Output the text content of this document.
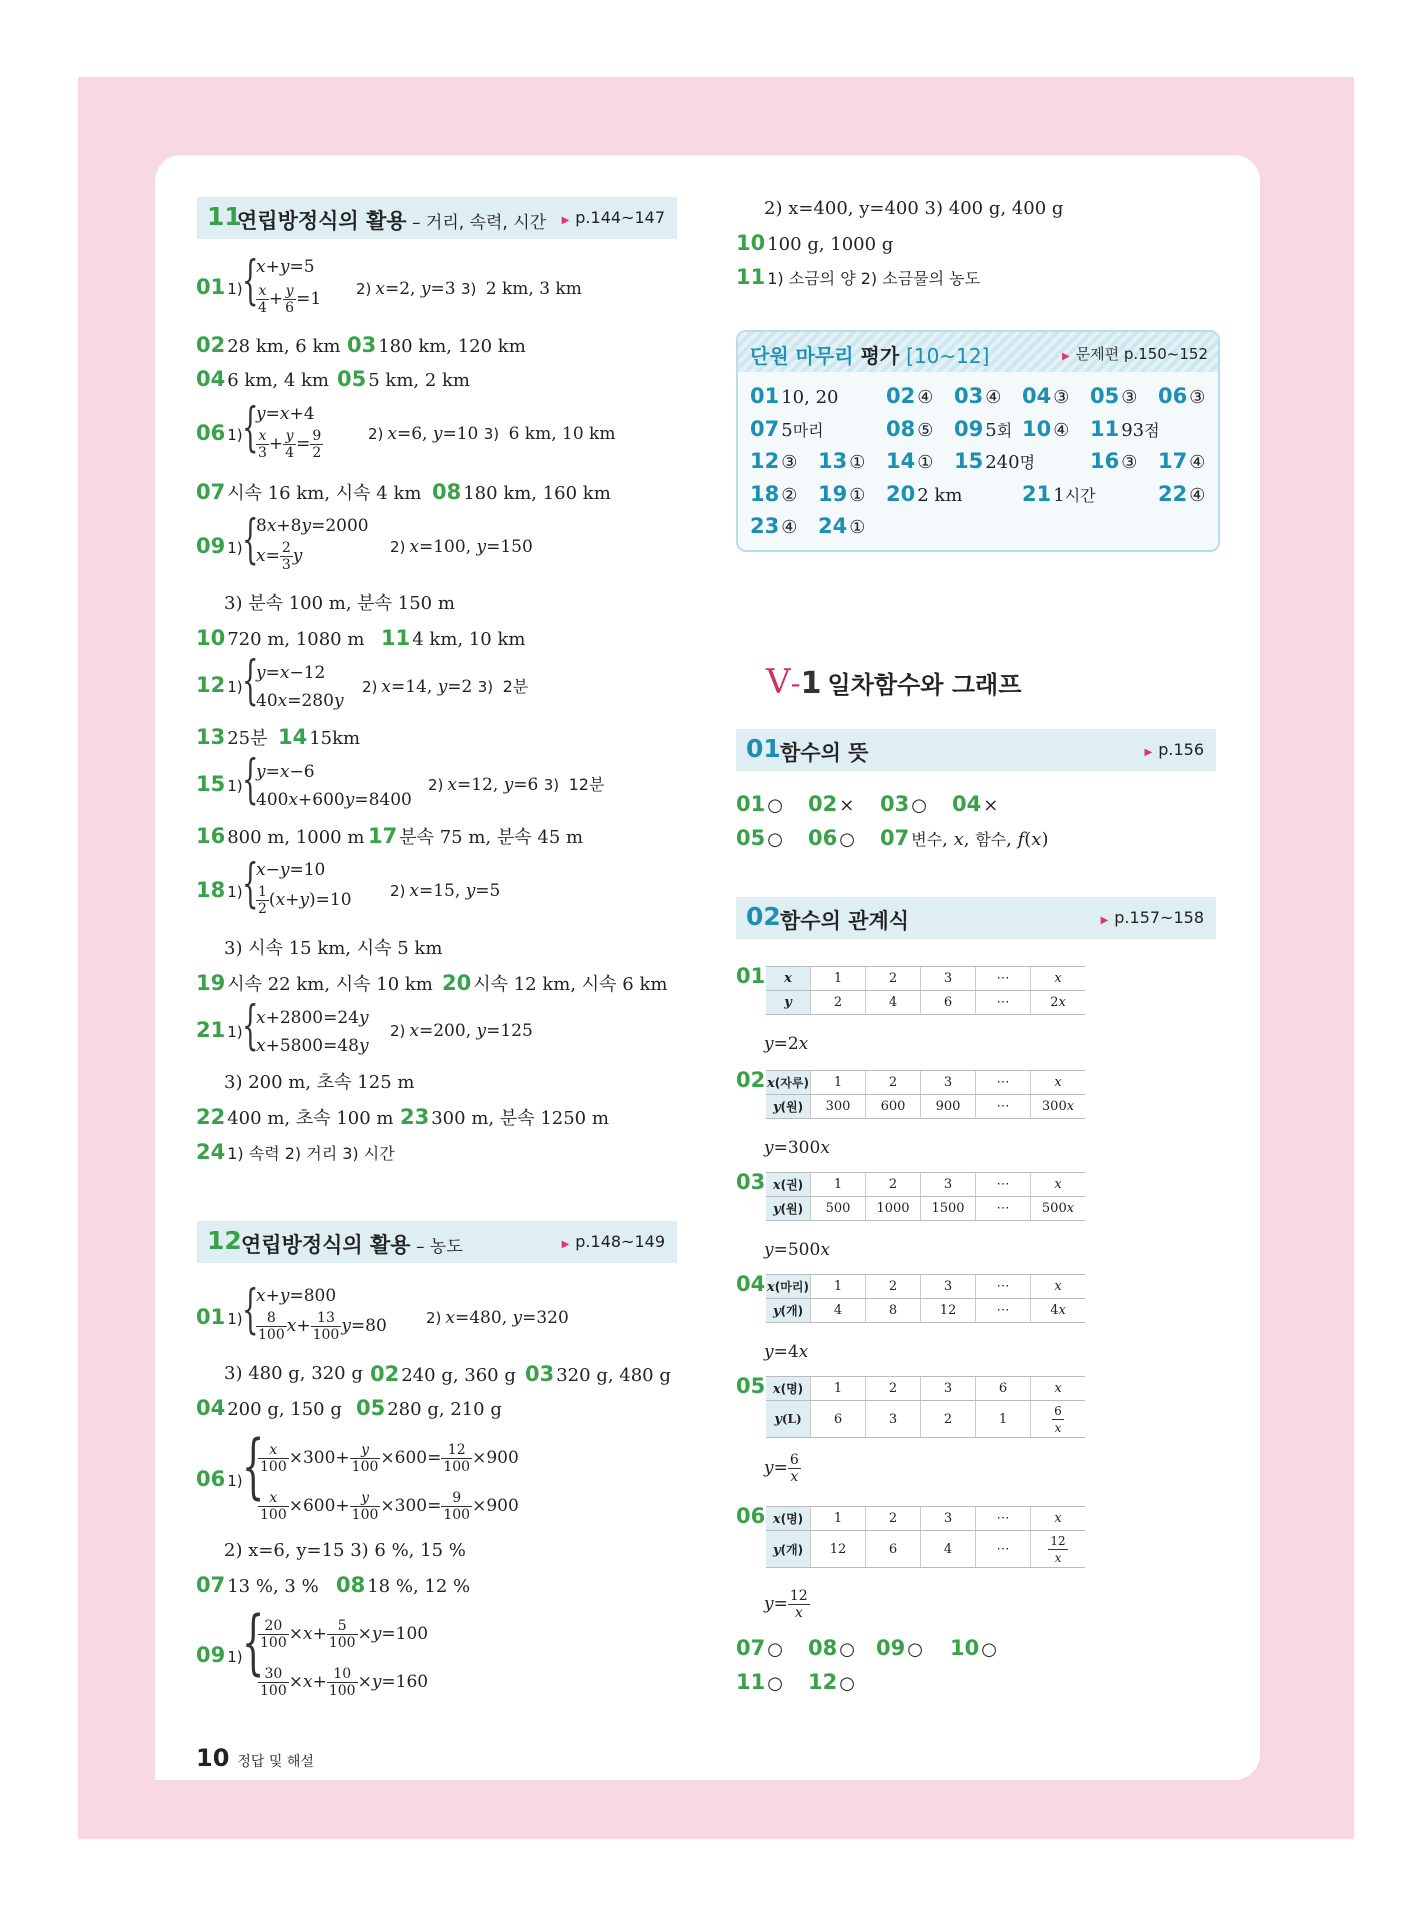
11
연립방정식의 활용 – 거리, 속력, 시간 ▶ p.144~147
01 1) {
x+y=5
$\frac{x}{4} + \frac{y}{6} =1$ 2) x=2, y=3 3) 2 km, 3 km
02 28 km, 6 km 03 180 km, 120 km
04 6 km, 4 km 05 5 km, 2 km
06 1) {
y=x+4
$\frac{x}{3} + \frac{y}{4} = \frac{9}{2}$	2) x=6, y=10 3) 6 km, 10 km
07 시속 16 km, 시속 4 km 08 180 km, 160 km
09 1) {
8x+8y=2000
$x= \frac{2}{3}$ y	2) x=100, y=150
3) 분속 100 m, 분속 150 m
10 720 m, 1080 m 11 4 km, 10 km
12 1) {
y=x−12
40x=280y
2) x=14, y=2 3) 2분
13 25분 14 15km
15 1) {
y=x−6
400x+600y=8400
2) x=12, y=6 3) 12분
16 800 m, 1000 m 17 분속 75 m, 분속 45 m
18 1) {
x−y=10
$\frac{1}{2} (x+y)=10$	2) x=15, y=5
3) 시속 15 km, 시속 5 km
19 시속 22 km, 시속 10 km 20 시속 12 km, 시속 6 km
21 1) {
x+2800=24y
x+5800=48y
2) x=200, y=125
3) 200 m, 초속 125 m
22 400 m, 초속 100 m 23 300 m, 분속 1250 m
24 1) 속력 2) 거리 3) 시간
12 연립방정식의 활용 – 농도	▶ p.148~149
01 1) {
x+y=800
$\frac{8}{100} x+ \frac{13}{100} y=80$	2) x=480, y=320
3) 480 g, 320 g 02 240 g, 360 g 03 320 g, 480 g
04 200 g, 150 g 05 280 g, 210 g
06 1) {
$\frac{x}{100} \times 300+ \frac{y}{100} \times 600= \frac{12}{100} \times 900$
$\frac{x}{100} \times 600+ \frac{y}{100} \times 300= \frac{9}{100} \times 900$
2) x=6, y=15 3) 6 %, 15 %
07 13 %, 3 % 08 18 %, 12 %
09 1) {
$\frac{20}{100} \times x+ \frac{5}{100} \times y=100$
$\frac{30}{100} \times x+ \frac{10}{100} \times y=160$
2) x=400, y=400 3) 400 g, 400 g
10 100 g, 1000 g
11 1) 소금의 양 2) 소금물의 농도
단원 마무리 평가 [10~12]	▶ 문제편 p.150~152
01 10, 20 02 ④ 03 ④ 04 ③ 05 ③ 06 ③
07 5마리	08 ⑤ 09 5회 10 ④ 11 93점
12 ③ 13 ① 14 ① 15 240명	16 ③ 17 ④
18 ② 19 ① 20 2 km	21 1시간	22 ④
23 ④ 24 ①
V-1 일차함수와 그래프
01 함수의 뜻	▶ p.156
01 ○ 02 × 03 ○ 04 ×
05 ○ 06 ○ 07 변수, x, 함수, f(x)
02 함수의 관계식	▶ p.157~158
01 x	1	2	3	⋯	x
y	2	4	6	⋯	2x
y=2x
02 x(자루)	1	2	3	⋯	x
y(원)	300	600	900	⋯	300x
y=300x
03 x(권)	1	2	3	⋯	x
y(원)	500	1000	1500	⋯	500x
y=500x
04 x(마리)	1	2	3	⋯	x
y(개)	4	8	12	⋯	4x
y=4x
05 x(명)	1	2	3	6	x
y(L)	6	3	2	1	$\frac{6}{x}$
$y= \frac{6}{x}$
06 x(명)	1	2	3	⋯	x
y(개)	12	6	4	⋯	$\frac{12}{x}$
$y= \frac{12}{x}$
07 ○ 08 ○ 09 ○ 10 ○
11 ○ 12 ○
10 정답 및 해설
